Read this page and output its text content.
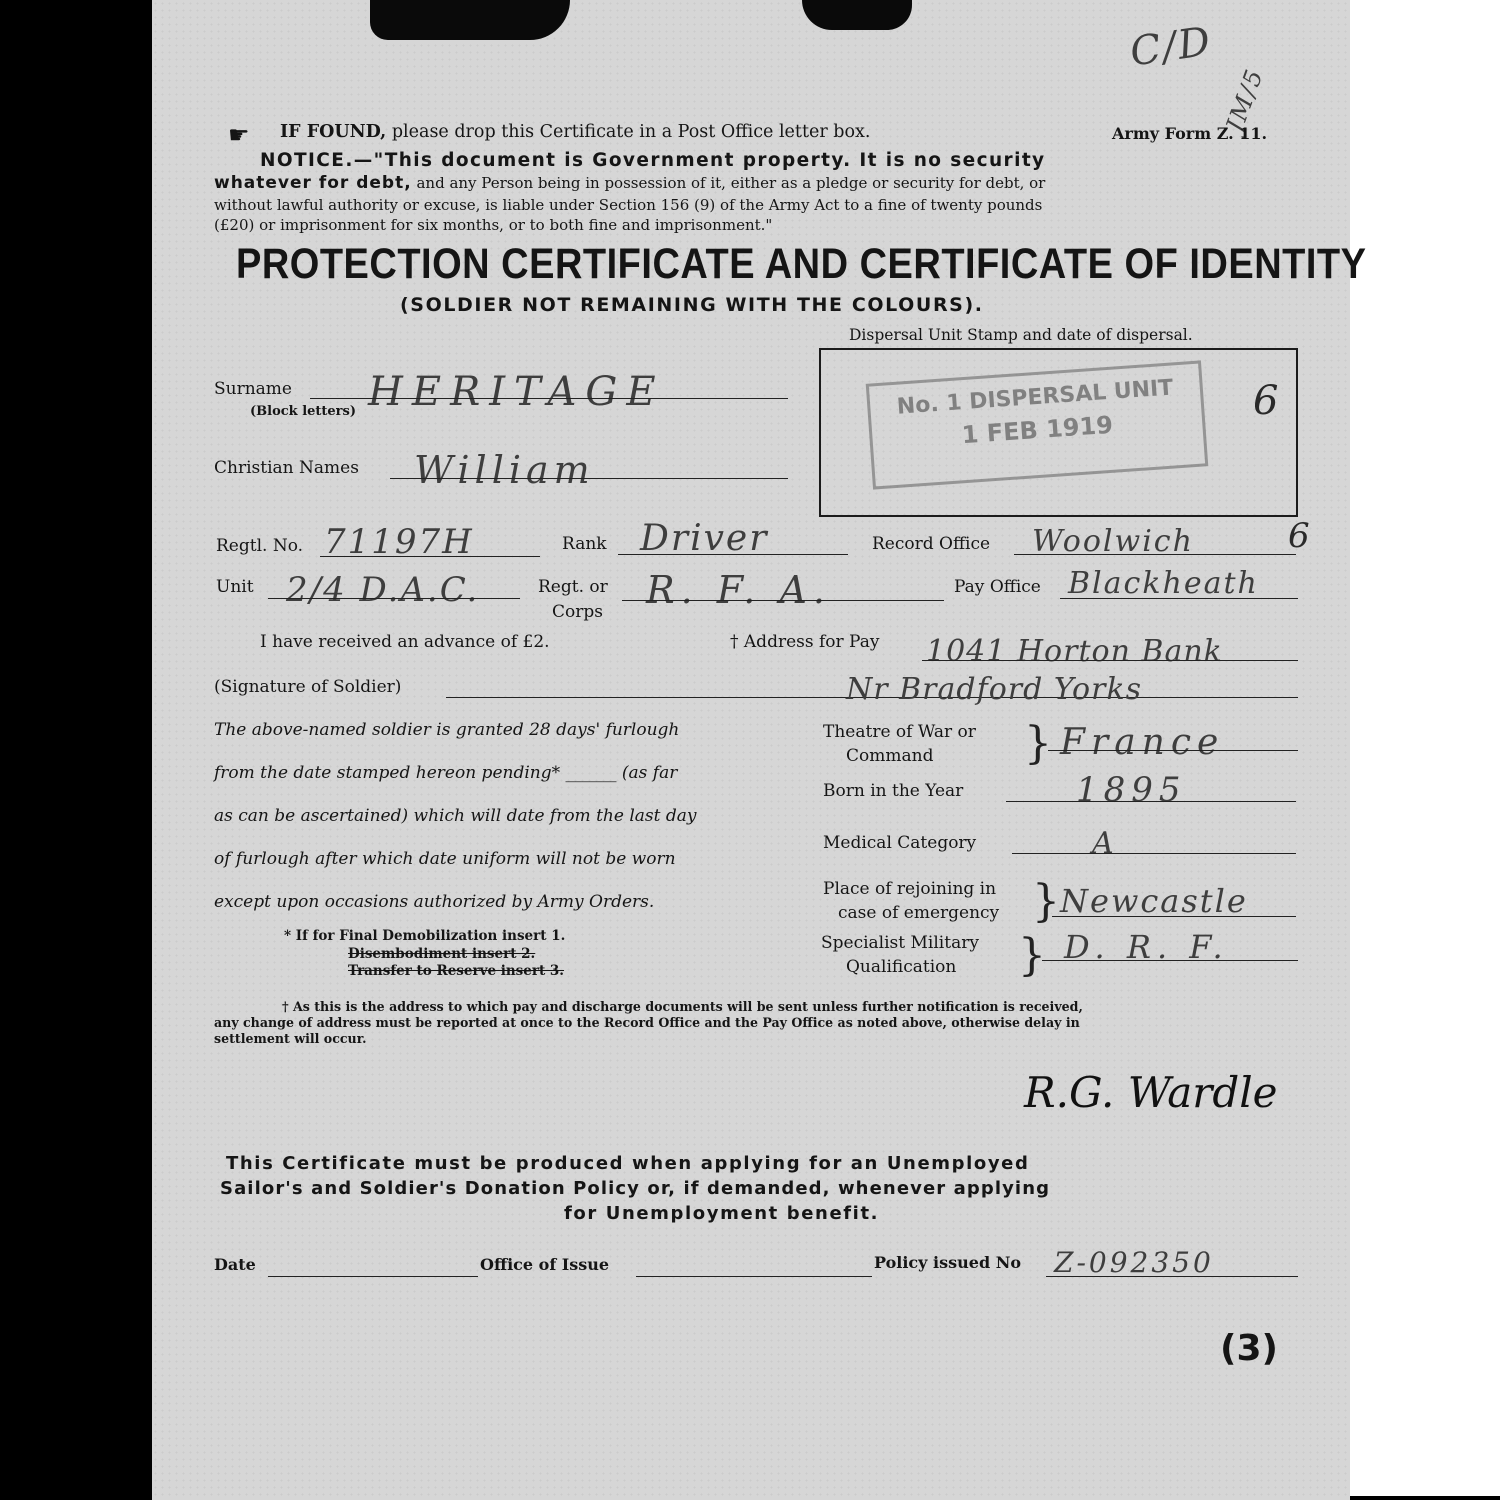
C/D
JM/5
☛ IF FOUND, please drop this Certificate in a Post Office letter box.	Army Form Z. 11.
NOTICE.—"This document is Government property. It is no security
whatever for debt, and any Person being in possession of it, either as a pledge or security for debt, or
without lawful authority or excuse, is liable under Section 156 (9) of the Army Act to a fine of twenty pounds
(£20) or imprisonment for six months, or to both fine and imprisonment."
PROTECTION CERTIFICATE AND CERTIFICATE OF IDENTITY
(SOLDIER NOT REMAINING WITH THE COLOURS).
Dispersal Unit Stamp and date of dispersal.
No. 1 DISPERSAL UNIT
1 FEB 1919
6
Surname
(Block letters) HERITAGE
Christian Names William
Regtl. No. 71197H	Rank Driver	Record Office Woolwich	6
Unit 2/4 D.A.C.	Regt. or
Corps R. F. A.	Pay Office Blackheath
I have received an advance of £2.	† Address for Pay 1041 Horton Bank
(Signature of Soldier)	Nr Bradford Yorks
The above-named soldier is granted 28 days' furlough
from the date stamped hereon pending* ______ (as far
as can be ascertained) which will date from the last day
of furlough after which date uniform will not be worn
except upon occasions authorized by Army Orders.
* If for Final Demobilization insert 1.
Disembodiment insert 2.
Transfer to Reserve insert 3.
Theatre of War or
Command } France
Born in the Year	1895
Medical Category	A
Place of rejoining in
case of emergency } Newcastle
Specialist Military
Qualification } D. R. F.
† As this is the address to which pay and discharge documents will be sent unless further notification is received,
any change of address must be reported at once to the Record Office and the Pay Office as noted above, otherwise delay in
settlement will occur.
R.G. Wardle
This Certificate must be produced when applying for an Unemployed
Sailor's and Soldier's Donation Policy or, if demanded, whenever applying
for Unemployment benefit.
Date	Office of Issue	Policy issued No Z-092350
(3)
